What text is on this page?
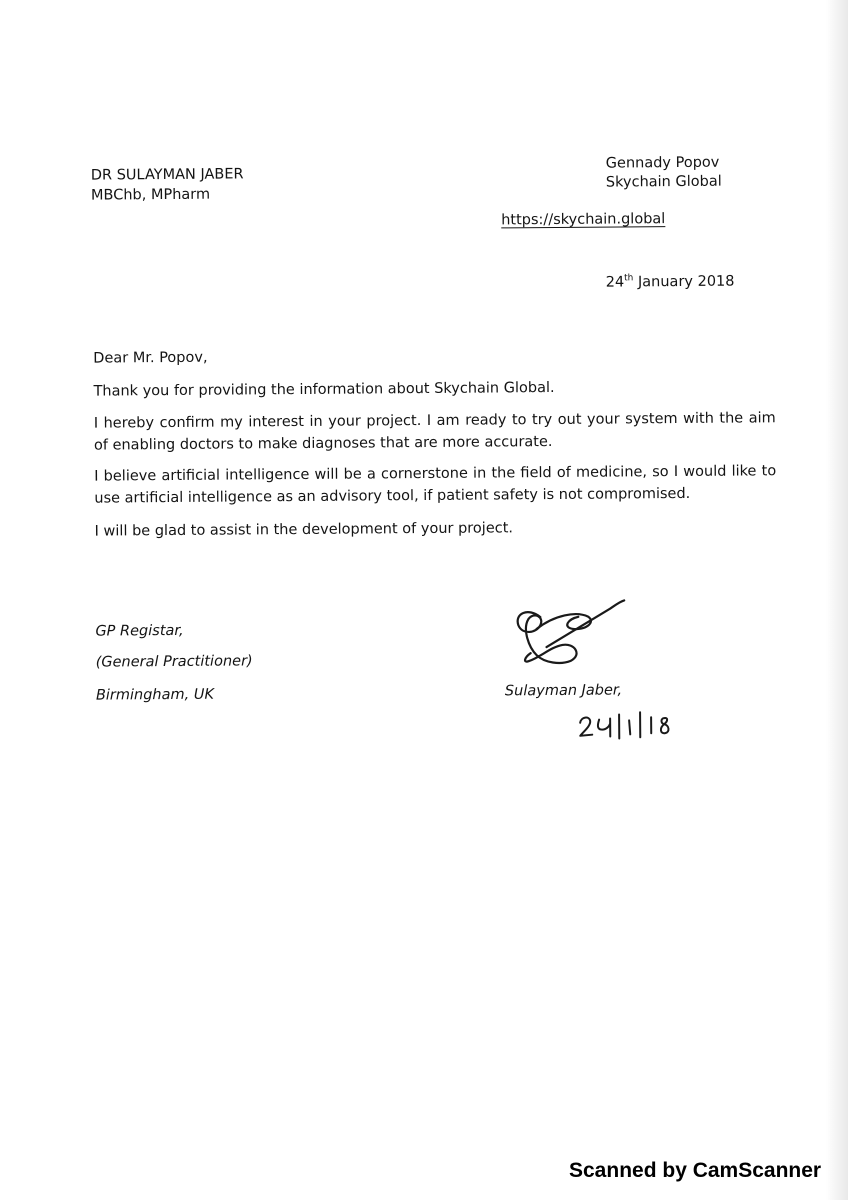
DR SULAYMAN JABER
MBChb, MPharm
Gennady Popov
Skychain Global
https://skychain.global
24th January 2018
Dear Mr. Popov,
Thank you for providing the information about Skychain Global.
I hereby confirm my interest in your project. I am ready to try out your system with the aim of enabling doctors to make diagnoses that are more accurate.
I believe artificial intelligence will be a cornerstone in the field of medicine, so I would like to use artificial intelligence as an advisory tool, if patient safety is not compromised.
I will be glad to assist in the development of your project.
GP Registar,
(General Practitioner)
Birmingham, UK	Sulayman Jaber,
Scanned by CamScanner
